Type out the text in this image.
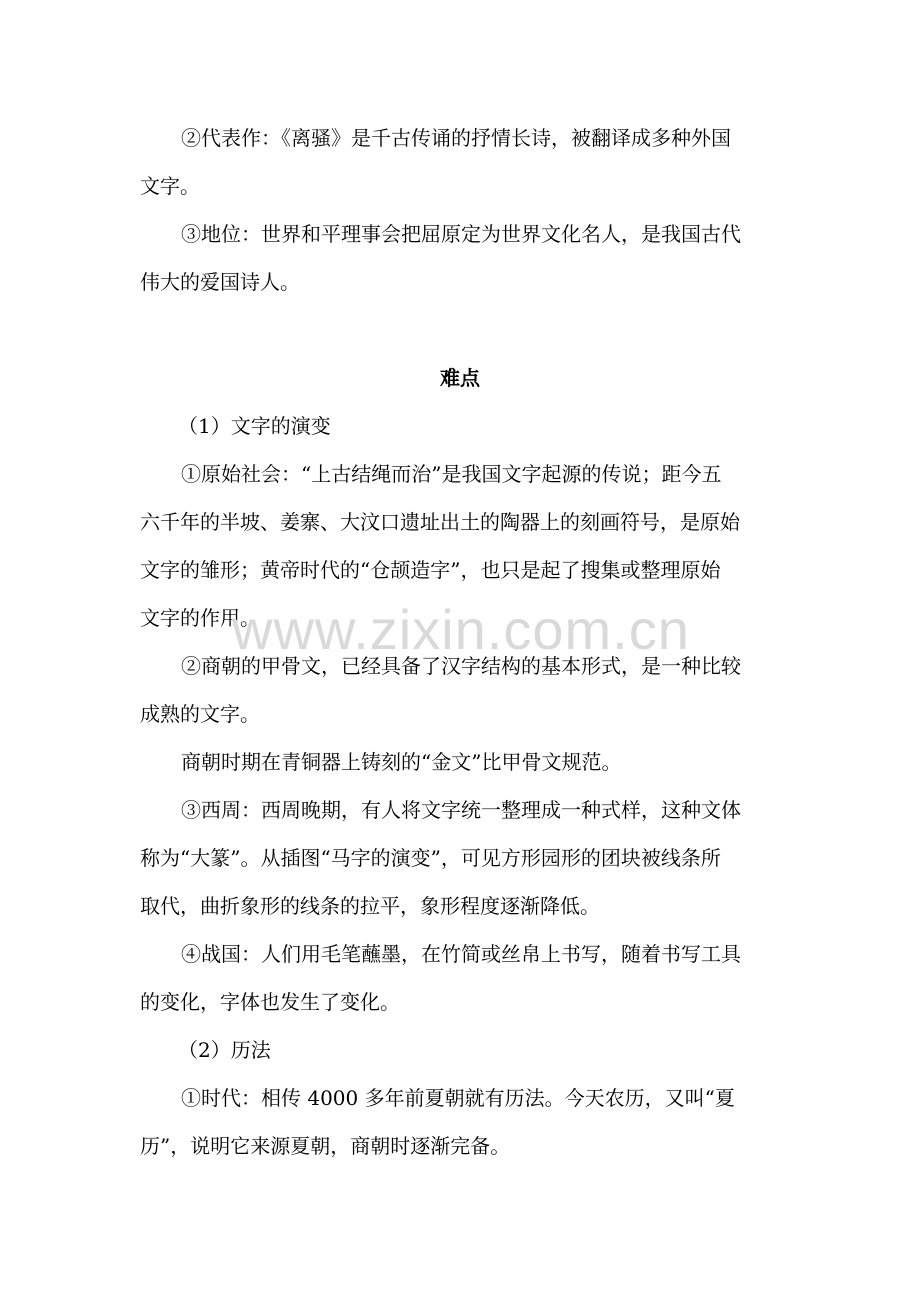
②代表作：《离骚》是千古传诵的抒情长诗，被翻译成多种外国
文字。
③地位：世界和平理事会把屈原定为世界文化名人，是我国古代
伟大的爱国诗人。
难点
（1）文字的演变
①原始社会：“上古结绳而治”是我国文字起源的传说；距今五
六千年的半坡、姜寨、大汶口遗址出土的陶器上的刻画符号，是原始
文字的雏形；黄帝时代的“仓颉造字”，也只是起了搜集或整理原始
文字的作用。
www.zixin.com.cn
②商朝的甲骨文，已经具备了汉字结构的基本形式，是一种比较
成熟的文字。
商朝时期在青铜器上铸刻的“金文”比甲骨文规范。
③西周：西周晚期，有人将文字统一整理成一种式样，这种文体
称为“大篆”。从插图“马字的演变”，可见方形园形的团块被线条所
取代，曲折象形的线条的拉平，象形程度逐渐降低。
④战国：人们用毛笔蘸墨，在竹简或丝帛上书写，随着书写工具
的变化，字体也发生了变化。
（2）历法
①时代：相传 4000 多年前夏朝就有历法。今天农历，又叫“夏
历”，说明它来源夏朝，商朝时逐渐完备。
